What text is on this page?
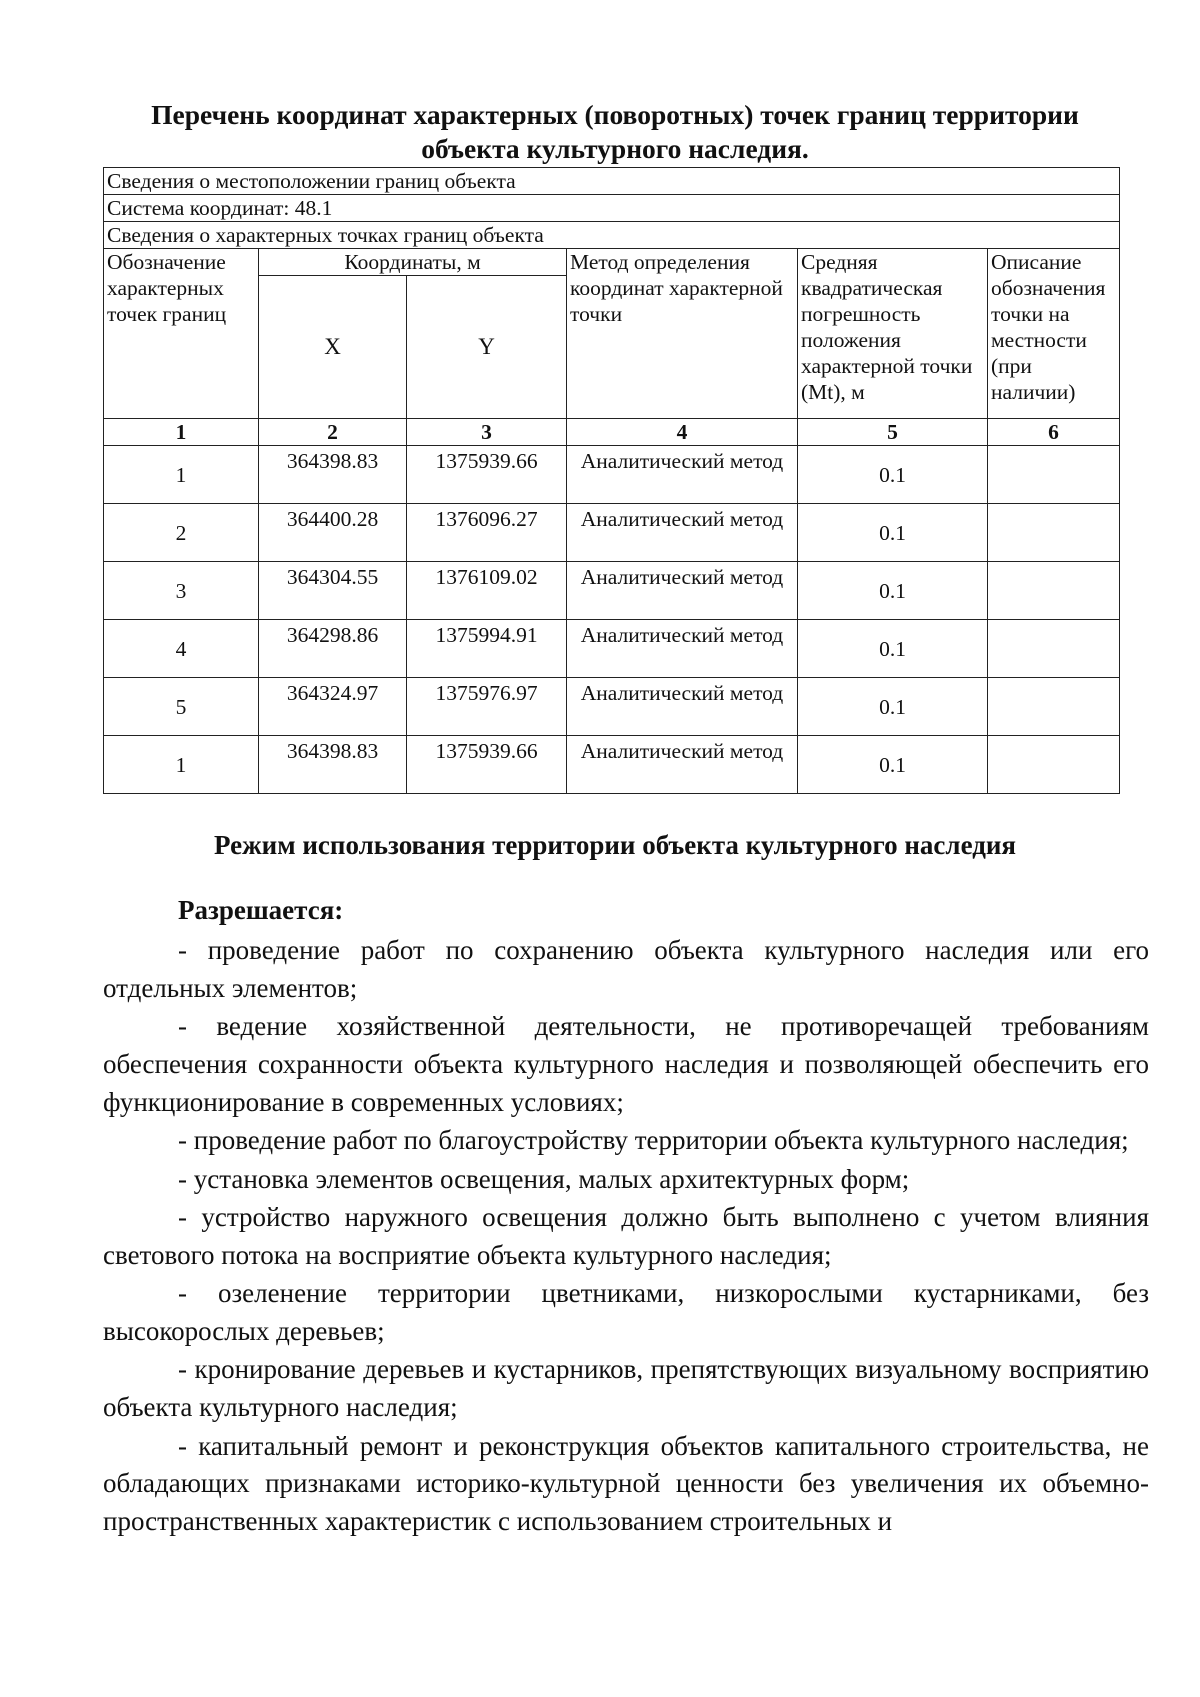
Перечень координат характерных (поворотных) точек границ территории
объекта культурного наследия.
Сведения о местоположении границ объекта					
Система координат: 48.1					
Сведения о характерных точках границ объекта					
Обозначение характерных точек границ	Координаты, м		Метод определения координат характерной точки	Средняя квадратическая погрешность положения характерной точки (Mt), м	Описание обозначения точки на местности (при наличии)
	X	Y			
1	2	3	4	5	6
1	364398.83	1375939.66	Аналитический метод	0.1	
2	364400.28	1376096.27	Аналитический метод	0.1	
3	364304.55	1376109.02	Аналитический метод	0.1	
4	364298.86	1375994.91	Аналитический метод	0.1	
5	364324.97	1375976.97	Аналитический метод	0.1	
1	364398.83	1375939.66	Аналитический метод	0.1	
Режим использования территории объекта культурного наследия
Разрешается:

- проведение работ по сохранению объекта культурного наследия или его отдельных элементов;

- ведение хозяйственной деятельности, не противоречащей требованиям обеспечения сохранности объекта культурного наследия и позволяющей обеспечить его функционирование в современных условиях;

- проведение работ по благоустройству территории объекта культурного наследия;

- установка элементов освещения, малых архитектурных форм;

- устройство наружного освещения должно быть выполнено с учетом влияния светового потока на восприятие объекта культурного наследия;

- озеленение территории цветниками, низкорослыми кустарниками, без высокорослых деревьев;

- кронирование деревьев и кустарников, препятствующих визуальному восприятию объекта культурного наследия;

- капитальный ремонт и реконструкция объектов капитального строительства, не обладающих признаками историко-культурной ценности без увеличения их объемно-пространственных характеристик с использованием строительных и
